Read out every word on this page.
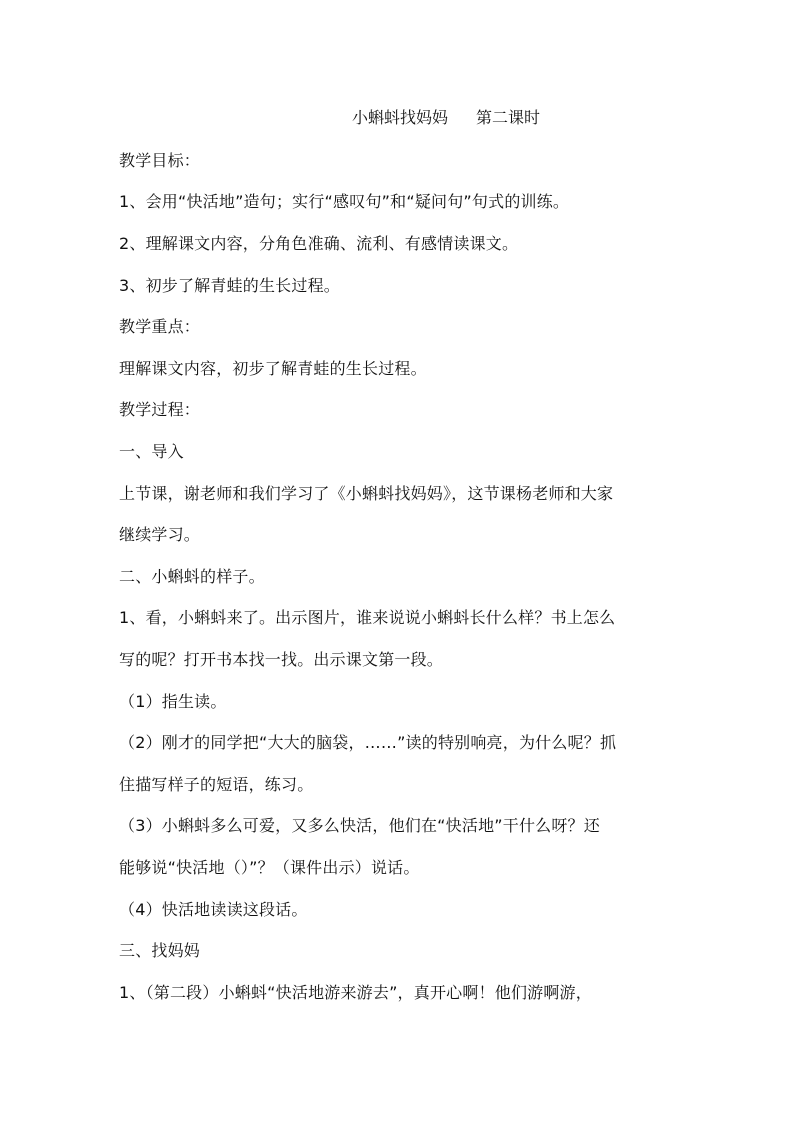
小蝌蚪找妈妈 第二课时
教学目标：
1、会用“快活地”造句；实行“感叹句”和“疑问句”句式的训练。
2、理解课文内容，分角色准确、流利、有感情读课文。
3、初步了解青蛙的生长过程。
教学重点：
理解课文内容，初步了解青蛙的生长过程。
教学过程：
一、导入
上节课，谢老师和我们学习了《小蝌蚪找妈妈》，这节课杨老师和大家
继续学习。
二、小蝌蚪的样子。
1、看，小蝌蚪来了。出示图片，谁来说说小蝌蚪长什么样？书上怎么
写的呢？打开书本找一找。出示课文第一段。
（1）指生读。
（2）刚才的同学把“大大的脑袋，……”读的特别响亮，为什么呢？抓
住描写样子的短语，练习。
（3）小蝌蚪多么可爱，又多么快活，他们在“快活地”干什么呀？还
能够说“快活地（）”？（课件出示）说话。
（4）快活地读读这段话。
三、找妈妈
1、（第二段）小蝌蚪“快活地游来游去”，真开心啊！他们游啊游，
